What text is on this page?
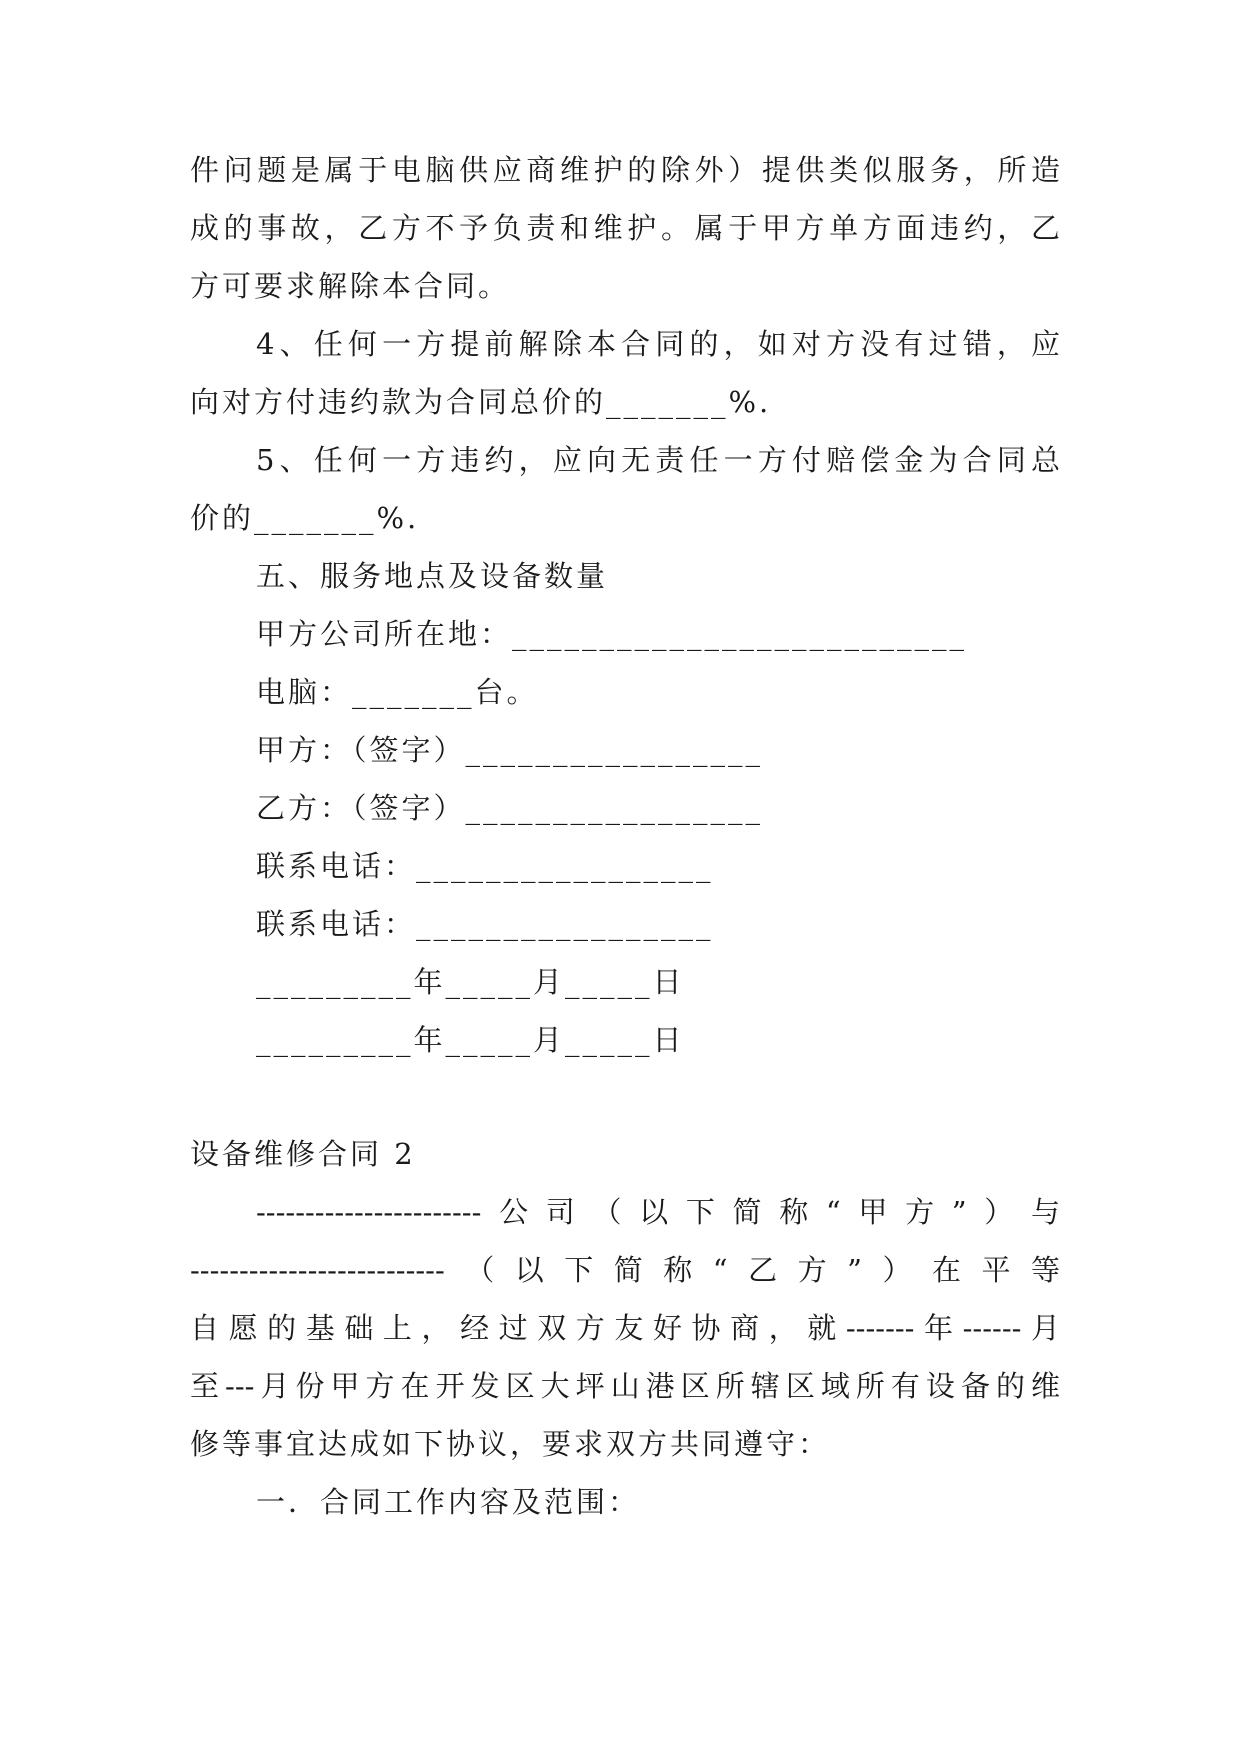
件问题是属于电脑供应商维护的除外）提供类似服务，所造
成的事故，乙方不予负责和维护。属于甲方单方面违约，乙
方可要求解除本合同。
4、任何一方提前解除本合同的，如对方没有过错，应
向对方付违约款为合同总价的_______%.
5、任何一方违约，应向无责任一方付赔偿金为合同总
价的_______%.
五、服务地点及设备数量
甲方公司所在地：__________________________
电脑：_______台。
甲方：（签字）_________________
乙方：（签字）_________________
联系电话：_________________
联系电话：_________________
_________年_____月_____日
_________年_____月_____日
设备维修合同 2
-----------------------公司（以下简称“甲方”）与
--------------------------（以下简称“乙方”）在平等
自愿的基础上，经过双方友好协商，就-------年------月
至---月份甲方在开发区大坪山港区所辖区域所有设备的维
修等事宜达成如下协议，要求双方共同遵守：
一．合同工作内容及范围：
